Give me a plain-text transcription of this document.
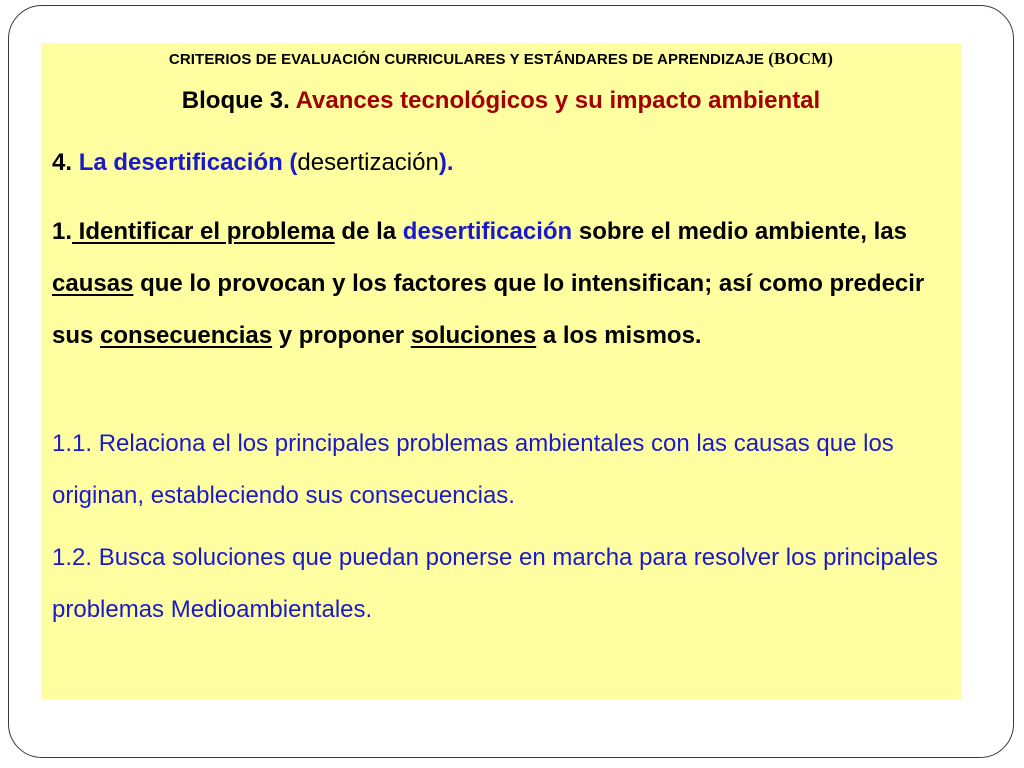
CRITERIOS DE EVALUACIÓN CURRICULARES Y ESTÁNDARES DE APRENDIZAJE (BOCM)
Bloque 3. Avances tecnológicos y su impacto ambiental
4. La desertificación (desertización).
1. Identificar el problema de la desertificación sobre el medio ambiente, las causas que lo provocan y los factores que lo intensifican; así como predecir sus consecuencias y proponer soluciones a los mismos.
1.1. Relaciona el los principales problemas ambientales con las causas que los originan, estableciendo sus consecuencias.
1.2. Busca soluciones que puedan ponerse en marcha para resolver los principales problemas Medioambientales.
